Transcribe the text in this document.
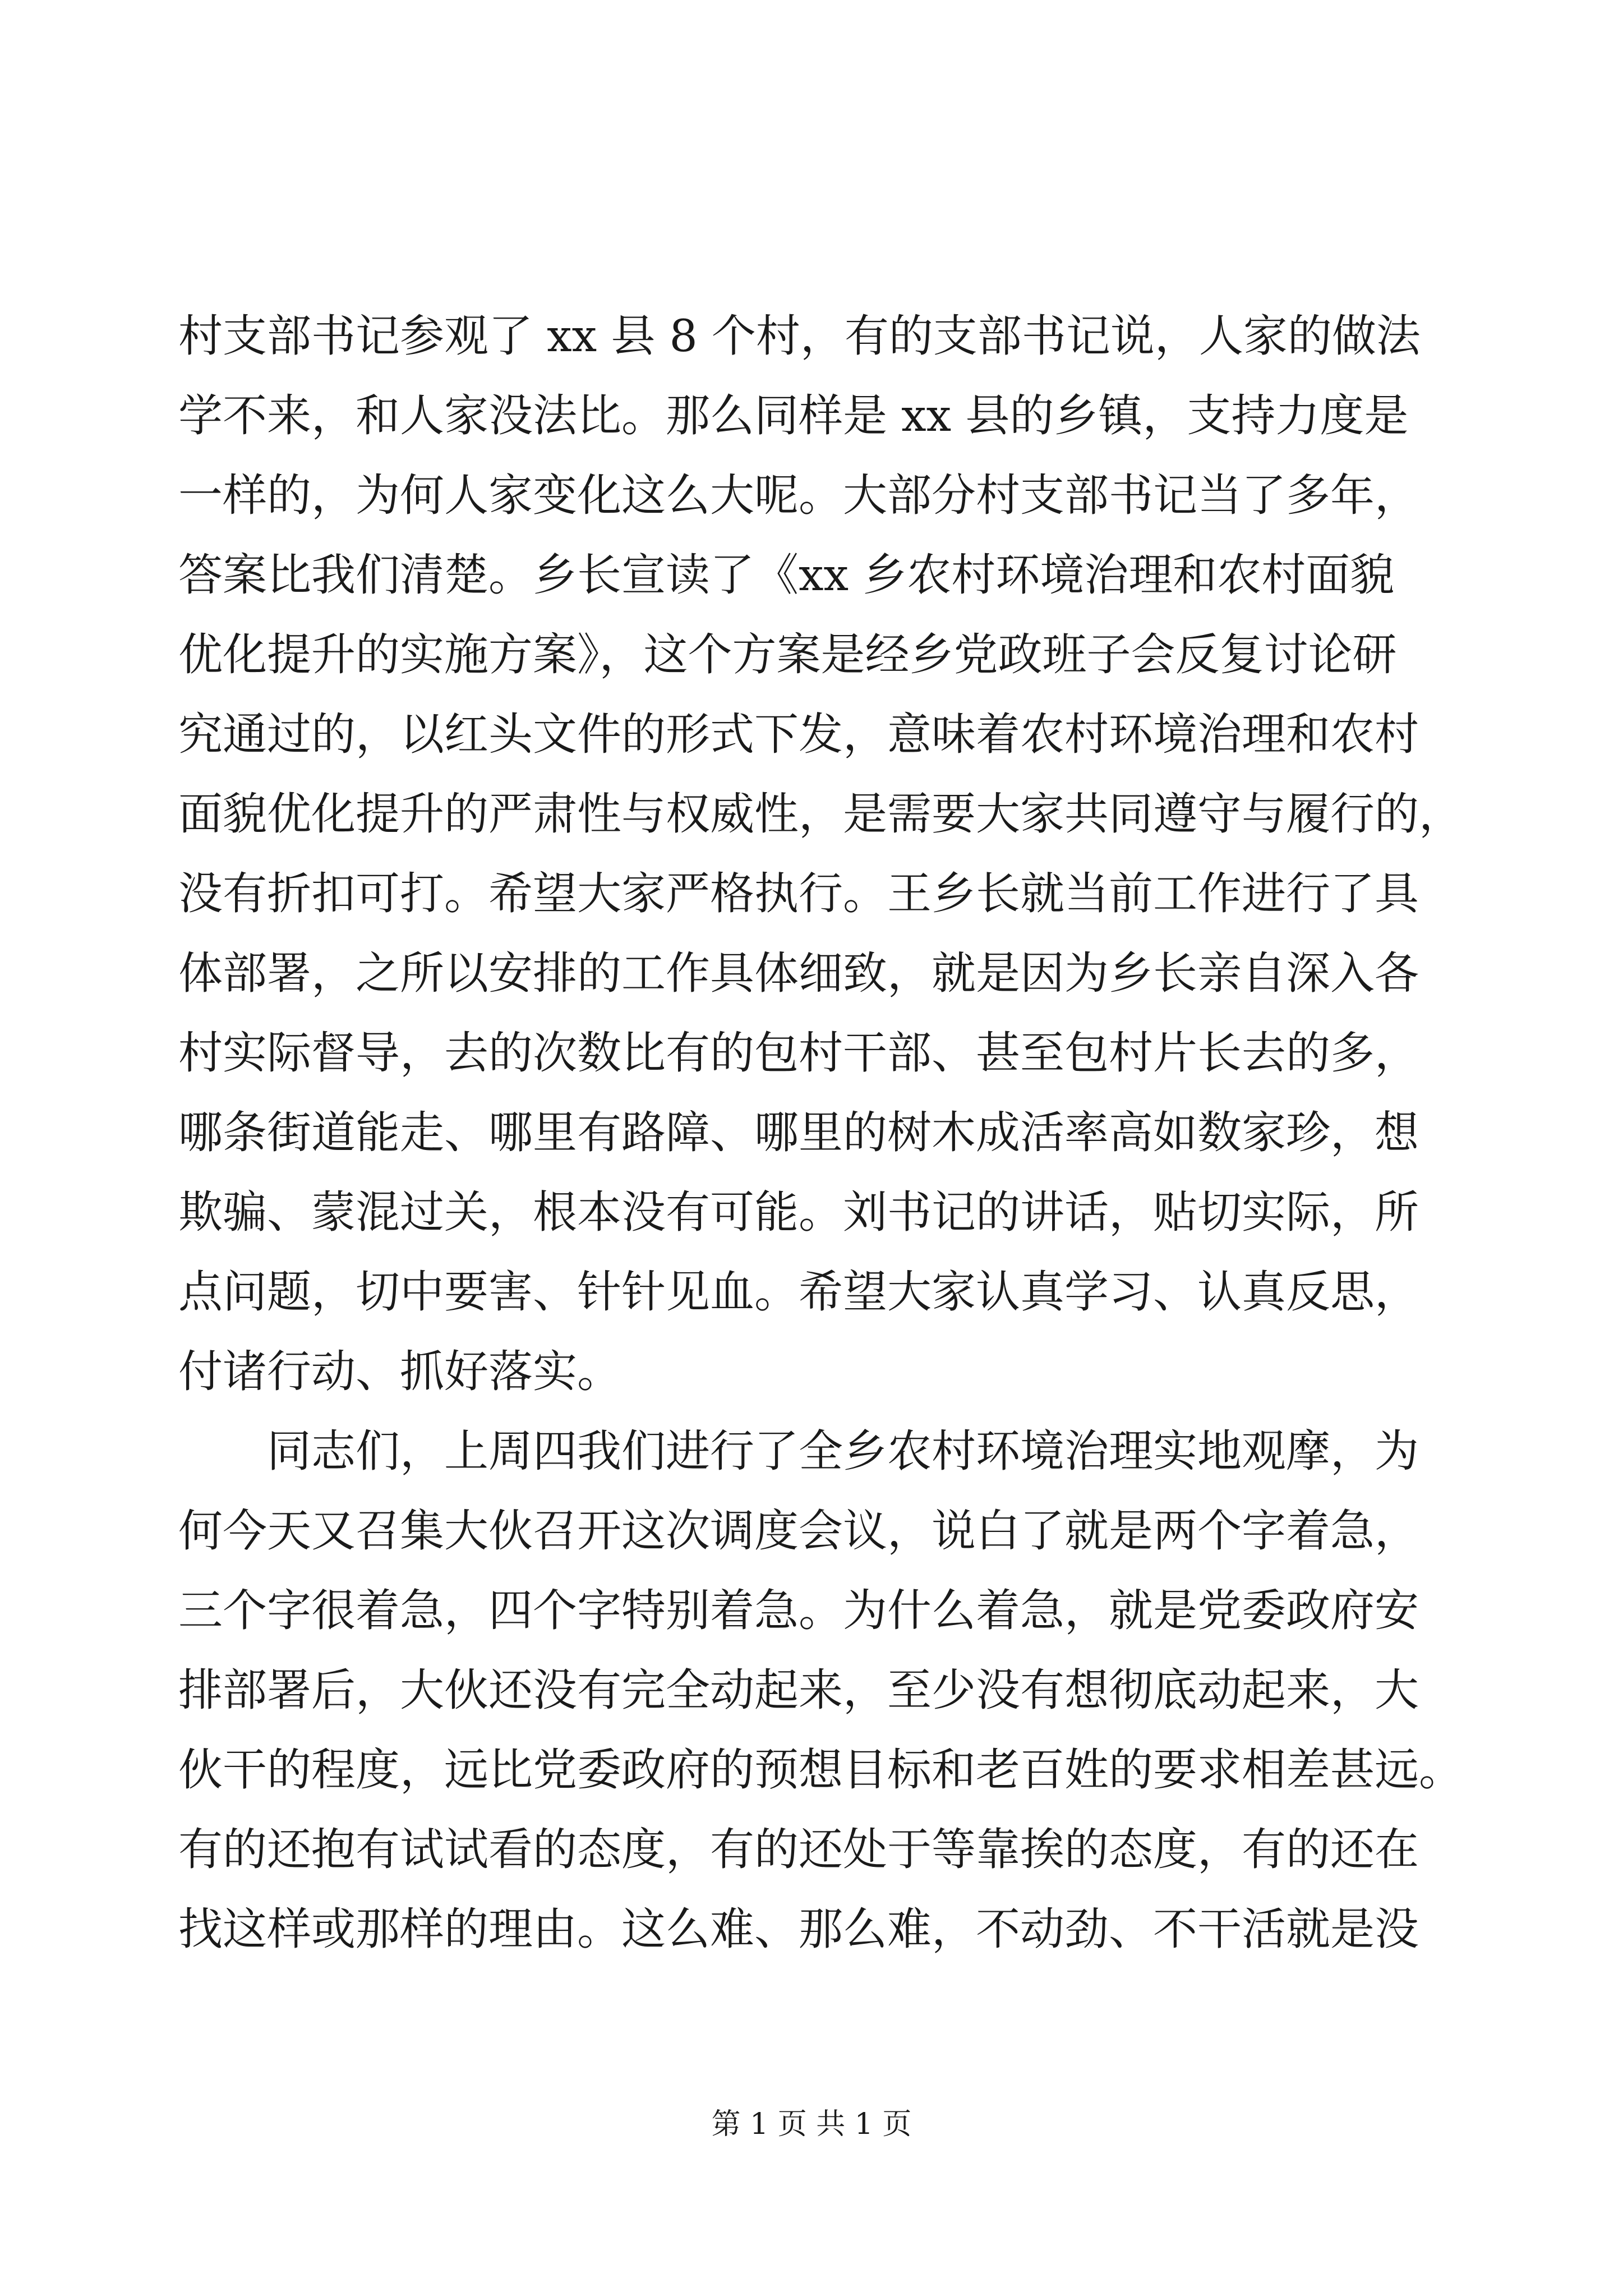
村支部书记参观了 xx 县 8 个村，有的支部书记说，人家的做法
学不来，和人家没法比。那么同样是 xx 县的乡镇，支持力度是
一样的，为何人家变化这么大呢。大部分村支部书记当了多年，
答案比我们清楚。乡长宣读了《xx 乡农村环境治理和农村面貌
优化提升的实施方案》，这个方案是经乡党政班子会反复讨论研
究通过的，以红头文件的形式下发，意味着农村环境治理和农村
面貌优化提升的严肃性与权威性，是需要大家共同遵守与履行的，
没有折扣可打。希望大家严格执行。王乡长就当前工作进行了具
体部署，之所以安排的工作具体细致，就是因为乡长亲自深入各
村实际督导，去的次数比有的包村干部、甚至包村片长去的多，
哪条街道能走、哪里有路障、哪里的树木成活率高如数家珍，想
欺骗、蒙混过关，根本没有可能。刘书记的讲话，贴切实际，所
点问题，切中要害、针针见血。希望大家认真学习、认真反思，
付诸行动、抓好落实。
同志们，上周四我们进行了全乡农村环境治理实地观摩，为
何今天又召集大伙召开这次调度会议，说白了就是两个字着急，
三个字很着急，四个字特别着急。为什么着急，就是党委政府安
排部署后，大伙还没有完全动起来，至少没有想彻底动起来，大
伙干的程度，远比党委政府的预想目标和老百姓的要求相差甚远。
有的还抱有试试看的态度，有的还处于等靠挨的态度，有的还在
找这样或那样的理由。这么难、那么难，不动劲、不干活就是没
第 1 页 共 1 页
